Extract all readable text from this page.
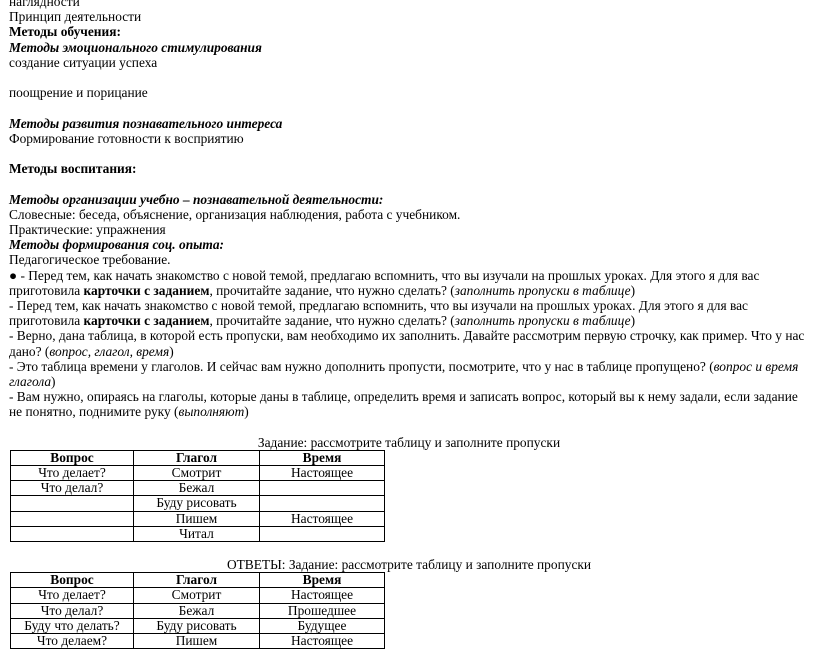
наглядности

Принцип деятельности

Методы обучения:

Методы эмоционального стимулирования

создание ситуации успеха

поощрение и порицание

Методы развития познавательного интереса

Формирование готовности к восприятию

Методы воспитания:

Методы организации учебно – познавательной деятельности:

Словесные: беседа, объяснение, организация наблюдения, работа с учебником.

Практические: упражнения

Методы формирования соц. опыта:

Педагогическое требование.

● - Перед тем, как начать знакомство с новой темой, предлагаю вспомнить, что вы изучали на прошлых уроках. Для этого я для вас приготовила карточки с заданием, прочитайте задание, что нужно сделать? (заполнить пропуски в таблице)

- Перед тем, как начать знакомство с новой темой, предлагаю вспомнить, что вы изучали на прошлых уроках. Для этого я для вас приготовила карточки с заданием, прочитайте задание, что нужно сделать? (заполнить пропуски в таблице)

- Верно, дана таблица, в которой есть пропуски, вам необходимо их заполнить. Давайте рассмотрим первую строчку, как пример. Что у нас дано? (вопрос, глагол, время)

- Это таблица времени у глаголов. И сейчас вам нужно дополнить пропусти, посмотрите, что у нас в таблице пропущено? (вопрос и время глагола)

- Вам нужно, опираясь на глаголы, которые даны в таблице, определить время и записать вопрос, который вы к нему задали, если задание не понятно, поднимите руку (выполняют)

Задание: рассмотрите таблицу и заполните пропуски

Вопрос	Глагол	Время
Что делает?	Смотрит	Настоящее
Что делал?	Бежал	
	Буду рисовать	
	Пишем	Настоящее
	Читал	

ОТВЕТЫ: Задание: рассмотрите таблицу и заполните пропуски

Вопрос	Глагол	Время
Что делает?	Смотрит	Настоящее
Что делал?	Бежал	Прошедшее
Буду что делать?	Буду рисовать	Будущее
Что делаем?	Пишем	Настоящее
